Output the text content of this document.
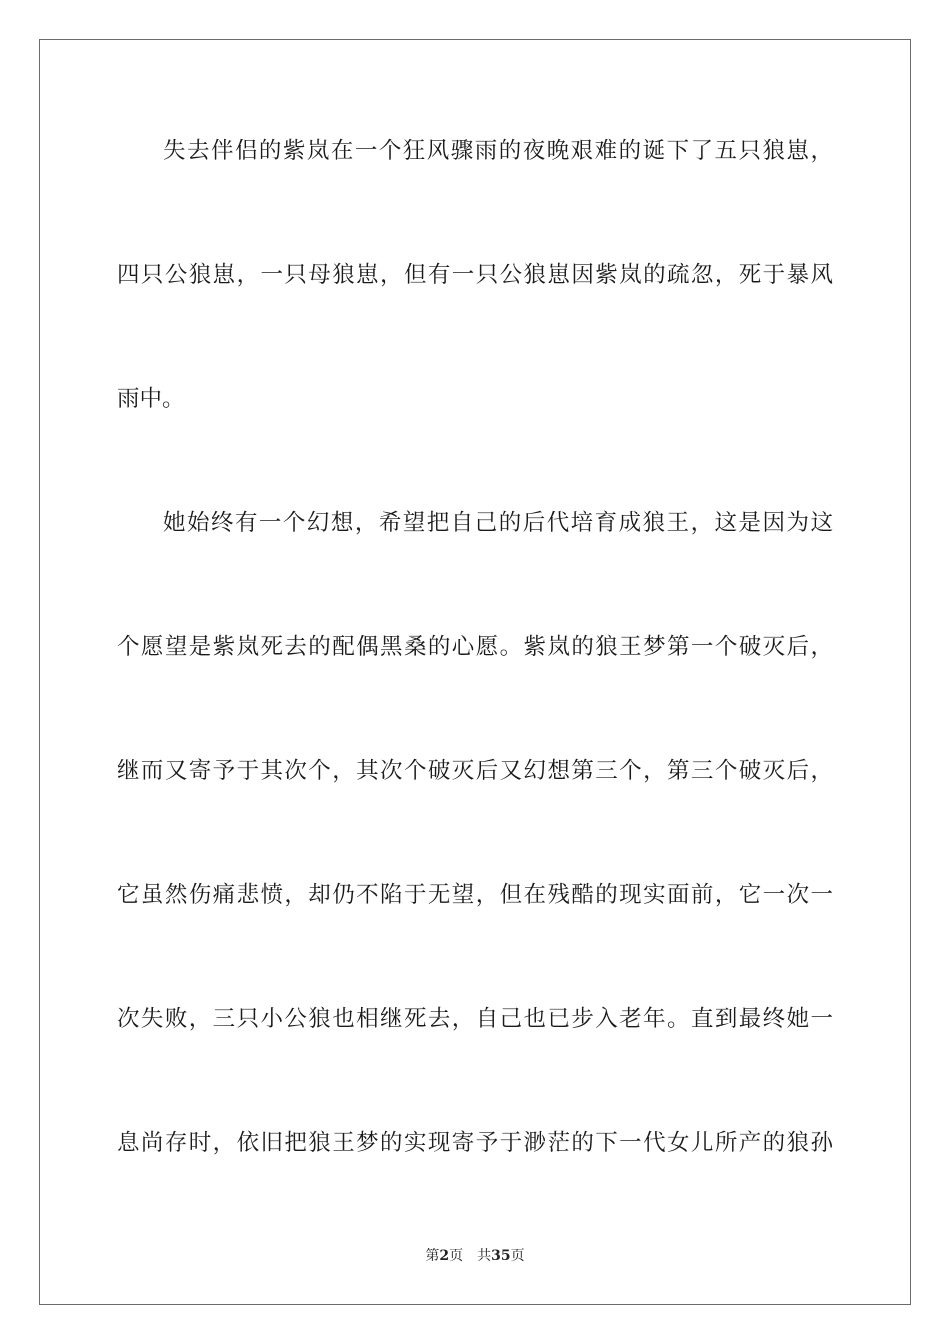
失去伴侣的紫岚在一个狂风骤雨的夜晚艰难的诞下了五只狼崽，
四只公狼崽，一只母狼崽，但有一只公狼崽因紫岚的疏忽，死于暴风
雨中。
她始终有一个幻想，希望把自己的后代培育成狼王，这是因为这
个愿望是紫岚死去的配偶黑桑的心愿。紫岚的狼王梦第一个破灭后，
继而又寄予于其次个，其次个破灭后又幻想第三个，第三个破灭后，
它虽然伤痛悲愤，却仍不陷于无望，但在残酷的现实面前，它一次一
次失败，三只小公狼也相继死去，自己也已步入老年。直到最终她一
息尚存时，依旧把狼王梦的实现寄予于渺茫的下一代女儿所产的狼孙
第2页 共35页
